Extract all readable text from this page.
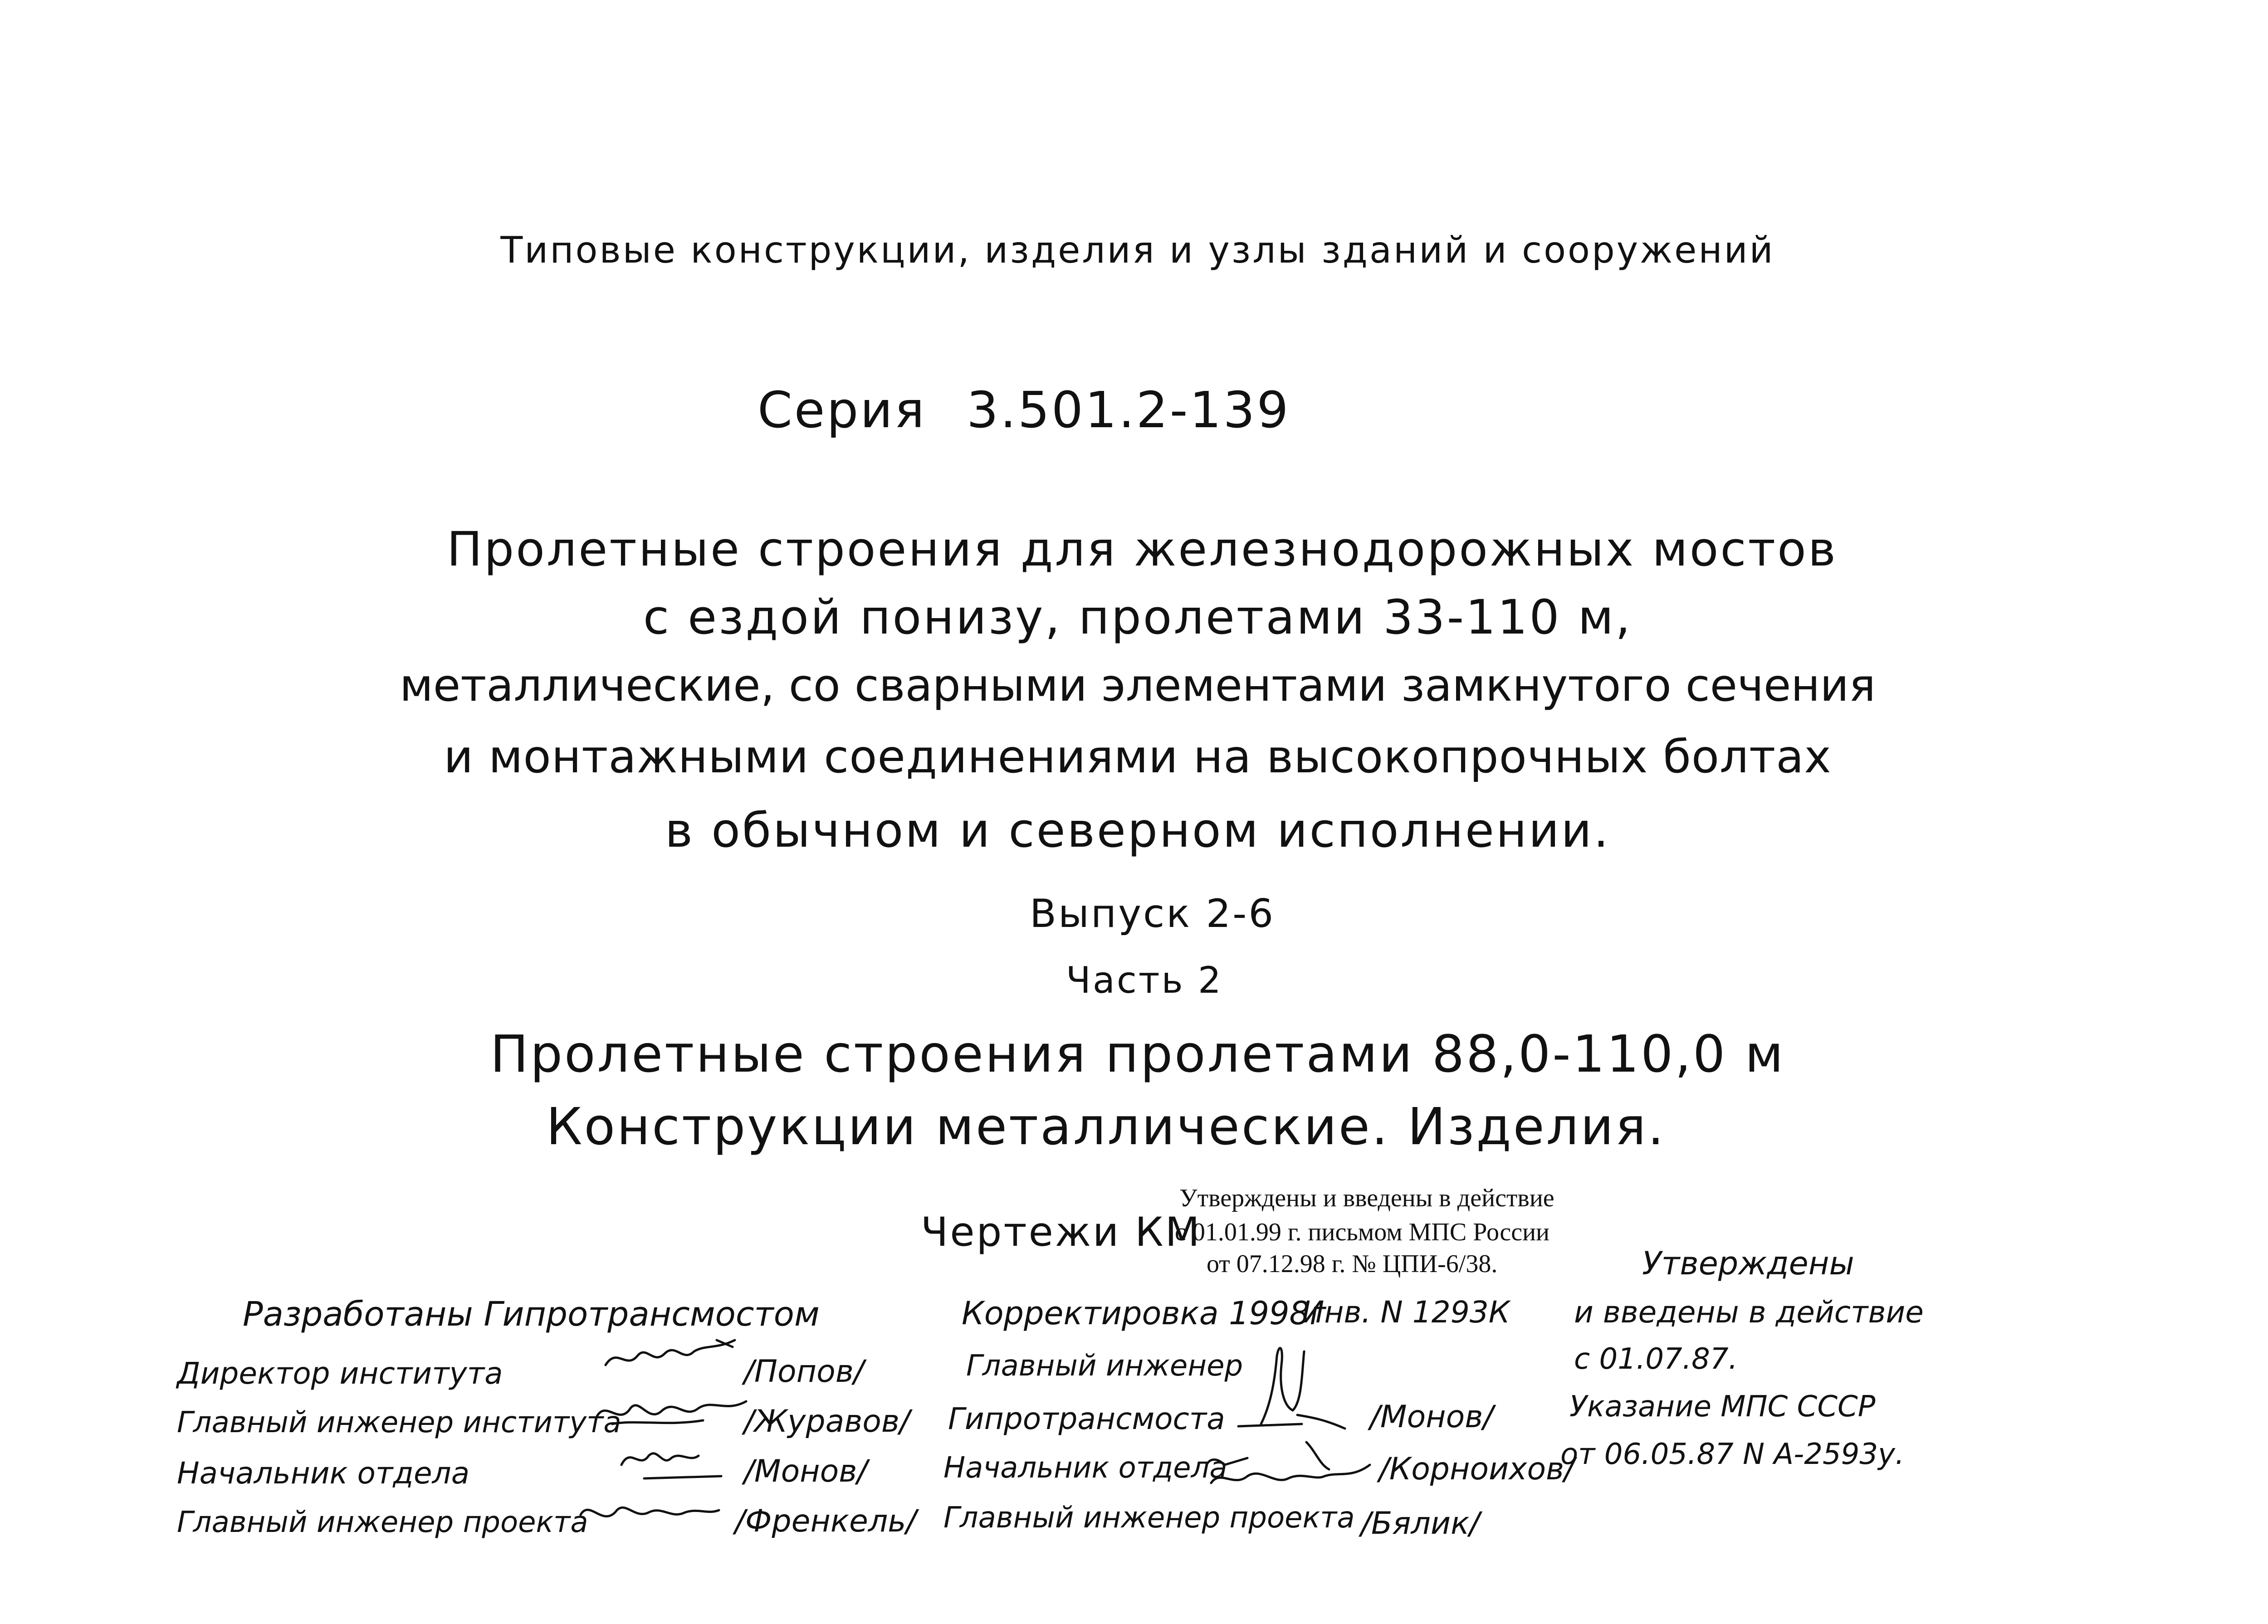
Типовые конструкции, изделия и узлы зданий и сооружений
Серия 3.501.2-139
Пролетные строения для железнодорожных мостов
с ездой понизу, пролетами 33-110 м,
металлические, со сварными элементами замкнутого сечения
и монтажными соединениями на высокопрочных болтах
в обычном и северном исполнении.
Выпуск 2-6
Часть 2
Пролетные строения пролетами 88,0-110,0 м
Конструкции металлические. Изделия.
Чертежи КМ
Утверждены и введены в действие
с 01.01.99 г. письмом МПС России
от 07.12.98 г. № ЦПИ-6/38.
Разработаны Гипротрансмостом
Директор института	/Попов/
Главный инженер института	/Журавов/
Начальник отдела	/Монов/
Главный инженер проекта	/Френкель/
Корректировка 1998г
Инв. N 1293К
Главный инженер
Гипротрансмоста	/Монов/
Начальник отдела	/Корноихов/
Главный инженер проекта /Бялик/
Утверждены
и введены в действие
с 01.07.87.
Указание МПС СССР
от 06.05.87 N А-2593у.
